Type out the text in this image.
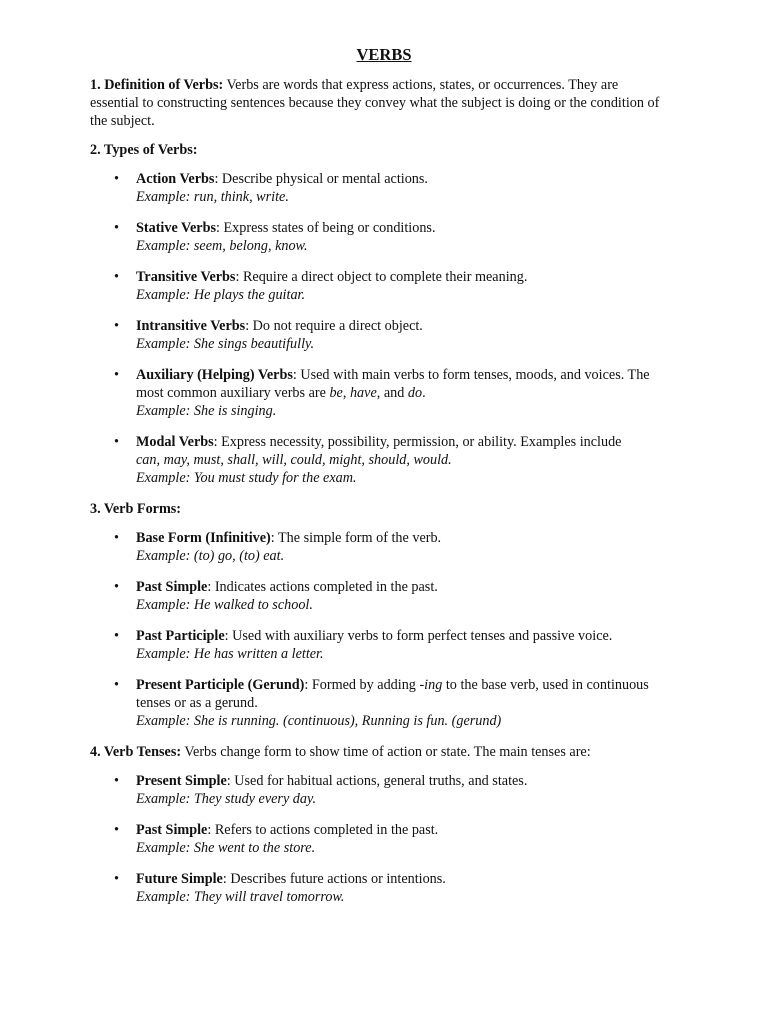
VERBS

1. Definition of Verbs: Verbs are words that express actions, states, or occurrences. They are essential to constructing sentences because they convey what the subject is doing or the condition of the subject.

2. Types of Verbs:

• Action Verbs: Describe physical or mental actions.
Example: run, think, write.
• Stative Verbs: Express states of being or conditions.
Example: seem, belong, know.
• Transitive Verbs: Require a direct object to complete their meaning.
Example: He plays the guitar.
• Intransitive Verbs: Do not require a direct object.
Example: She sings beautifully.
• Auxiliary (Helping) Verbs: Used with main verbs to form tenses, moods, and voices. The most common auxiliary verbs are be, have, and do.
Example: She is singing.
• Modal Verbs: Express necessity, possibility, permission, or ability. Examples include
can, may, must, shall, will, could, might, should, would.
Example: You must study for the exam.

3. Verb Forms:

• Base Form (Infinitive): The simple form of the verb.
Example: (to) go, (to) eat.
• Past Simple: Indicates actions completed in the past.
Example: He walked to school.
• Past Participle: Used with auxiliary verbs to form perfect tenses and passive voice.
Example: He has written a letter.
• Present Participle (Gerund): Formed by adding -ing to the base verb, used in continuous tenses or as a gerund.
Example: She is running. (continuous), Running is fun. (gerund)

4. Verb Tenses: Verbs change form to show time of action or state. The main tenses are:

• Present Simple: Used for habitual actions, general truths, and states.
Example: They study every day.
• Past Simple: Refers to actions completed in the past.
Example: She went to the store.
• Future Simple: Describes future actions or intentions.
Example: They will travel tomorrow.
